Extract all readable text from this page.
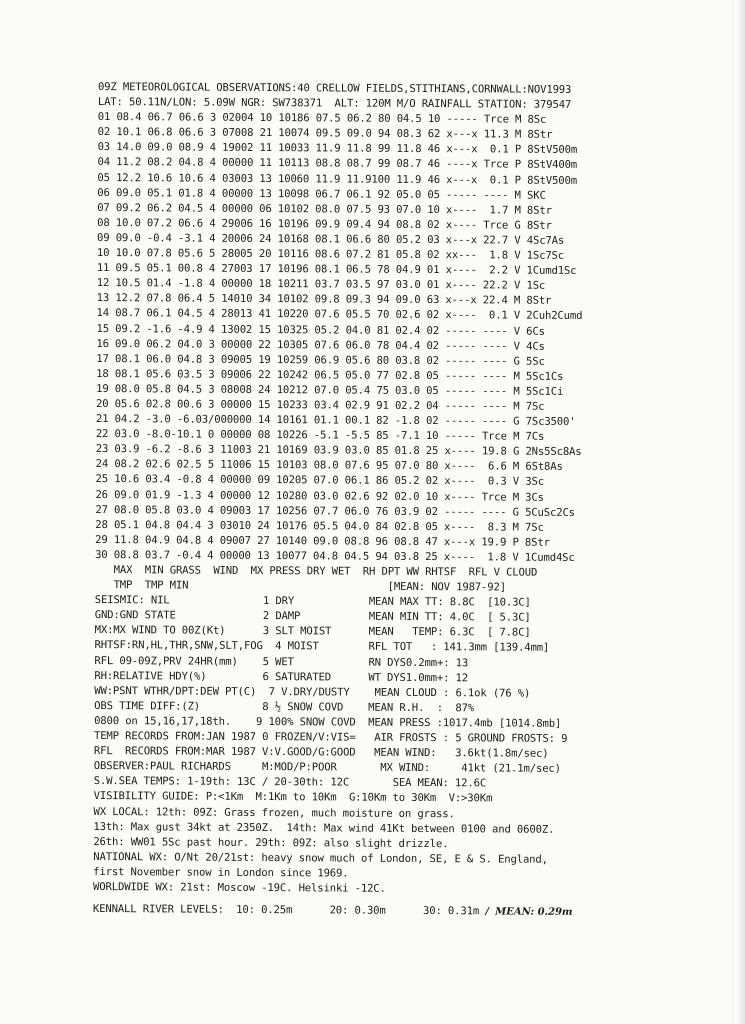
09Z METEOROLOGICAL OBSERVATIONS:40 CRELLOW FIELDS,STITHIANS,CORNWALL:NOV1993
LAT: 50.11N/LON: 5.09W NGR: SW738371  ALT: 120M M/O RAINFALL STATION: 379547
01 08.4 06.7 06.6 3 02004 10 10186 07.5 06.2 80 04.5 10 ----- Trce M 8Sc
02 10.1 06.8 06.6 3 07008 21 10074 09.5 09.0 94 08.3 62 x---x 11.3 M 8Str
03 14.0 09.0 08.9 4 19002 11 10033 11.9 11.8 99 11.8 46 x---x  0.1 P 8StV500m
04 11.2 08.2 04.8 4 00000 11 10113 08.8 08.7 99 08.7 46 ----x Trce P 8StV400m
05 12.2 10.6 10.6 4 03003 13 10060 11.9 11.9100 11.9 46 x---x  0.1 P 8StV500m
06 09.0 05.1 01.8 4 00000 13 10098 06.7 06.1 92 05.0 05 ----- ---- M SKC
07 09.2 06.2 04.5 4 00000 06 10102 08.0 07.5 93 07.0 10 x----  1.7 M 8Str
08 10.0 07.2 06.6 4 29006 16 10196 09.9 09.4 94 08.8 02 x---- Trce G 8Str
09 09.0 -0.4 -3.1 4 20006 24 10168 08.1 06.6 80 05.2 03 x---x 22.7 V 4Sc7As
10 10.0 07.8 05.6 5 28005 20 10116 08.6 07.2 81 05.8 02 xx---  1.8 V 1Sc7Sc
11 09.5 05.1 00.8 4 27003 17 10196 08.1 06.5 78 04.9 01 x----  2.2 V 1Cumd1Sc
12 10.5 01.4 -1.8 4 00000 18 10211 03.7 03.5 97 03.0 01 x---- 22.2 V 1Sc
13 12.2 07.8 06.4 5 14010 34 10102 09.8 09.3 94 09.0 63 x---x 22.4 M 8Str
14 08.7 06.1 04.5 4 28013 41 10220 07.6 05.5 70 02.6 02 x----  0.1 V 2Cuh2Cumd
15 09.2 -1.6 -4.9 4 13002 15 10325 05.2 04.0 81 02.4 02 ----- ---- V 6Cs
16 09.0 06.2 04.0 3 00000 22 10305 07.6 06.0 78 04.4 02 ----- ---- V 4Cs
17 08.1 06.0 04.8 3 09005 19 10259 06.9 05.6 80 03.8 02 ----- ---- G 5Sc
18 08.1 05.6 03.5 3 09006 22 10242 06.5 05.0 77 02.8 05 ----- ---- M 5Sc1Cs
19 08.0 05.8 04.5 3 08008 24 10212 07.0 05.4 75 03.0 05 ----- ---- M 5Sc1Ci
20 05.6 02.8 00.6 3 00000 15 10233 03.4 02.9 91 02.2 04 ----- ---- M 7Sc
21 04.2 -3.0 -6.03/000000 14 10161 01.1 00.1 82 -1.8 02 ----- ---- G 7Sc3500'
22 03.0 -8.0-10.1 0 00000 08 10226 -5.1 -5.5 85 -7.1 10 ----- Trce M 7Cs
23 03.9 -6.2 -8.6 3 11003 21 10169 03.9 03.0 85 01.8 25 x---- 19.8 G 2Ns5Sc8As
24 08.2 02.6 02.5 5 11006 15 10103 08.0 07.6 95 07.0 80 x----  6.6 M 6St8As
25 10.6 03.4 -0.8 4 00000 09 10205 07.0 06.1 86 05.2 02 x----  0.3 V 3Sc
26 09.0 01.9 -1.3 4 00000 12 10280 03.0 02.6 92 02.0 10 x---- Trce M 3Cs
27 08.0 05.8 03.0 4 09003 17 10256 07.7 06.0 76 03.9 02 ----- ---- G 5CuSc2Cs
28 05.1 04.8 04.4 3 03010 24 10176 05.5 04.0 84 02.8 05 x----  8.3 M 7Sc
29 11.8 04.9 04.8 4 09007 27 10140 09.0 08.8 96 08.8 47 x---x 19.9 P 8Str
30 08.8 03.7 -0.4 4 00000 13 10077 04.8 04.5 94 03.8 25 x----  1.8 V 1Cumd4Sc
MAX  MIN GRASS  WIND  MX PRESS DRY WET  RH DPT WW RHTSF  RFL V CLOUD
TMP  TMP MIN                                [MEAN: NOV 1987-92]
SEISMIC: NIL               1 DRY            MEAN MAX TT: 8.8C  [10.3C]
GND:GND STATE              2 DAMP           MEAN MIN TT: 4.0C  [ 5.3C]
MX:MX WIND TO 00Z(Kt)      3 SLT MOIST      MEAN   TEMP: 6.3C  [ 7.8C]
RHTSF:RN,HL,THR,SNW,SLT,FOG  4 MOIST        RFL TOT   : 141.3mm [139.4mm]
RFL 09-09Z,PRV 24HR(mm)    5 WET            RN DYS0.2mm+: 13
RH:RELATIVE HDY(%)         6 SATURATED      WT DYS1.0mm+: 12
WW:PSNT WTHR/DPT:DEW PT(C)  7 V.DRY/DUSTY    MEAN CLOUD : 6.1ok (76 %)
OBS TIME DIFF:(Z)          8 ½ SNOW COVD    MEAN R.H.  :  87%
0800 on 15,16,17,18th.    9 100% SNOW COVD  MEAN PRESS :1017.4mb [1014.8mb]
TEMP RECORDS FROM:JAN 1987 0 FROZEN/V:VIS=   AIR FROSTS : 5 GROUND FROSTS: 9
RFL  RECORDS FROM:MAR 1987 V:V.GOOD/G:GOOD   MEAN WIND:   3.6kt(1.8m/sec)
OBSERVER:PAUL RICHARDS     M:MOD/P:POOR       MX WIND:     41kt (21.1m/sec)
S.W.SEA TEMPS: 1-19th: 13C / 20-30th: 12C       SEA MEAN: 12.6C
VISIBILITY GUIDE: P:<1Km  M:1Km to 10Km  G:10Km to 30Km  V:>30Km
WX LOCAL: 12th: 09Z: Grass frozen, much moisture on grass.
13th: Max gust 34kt at 2350Z.  14th: Max wind 41Kt between 0100 and 0600Z.
26th: WW01 5Sc past hour. 29th: 09Z: also slight drizzle.
NATIONAL WX: O/Nt 20/21st: heavy snow much of London, SE, E & S. England,
first November snow in London since 1969.
WORLDWIDE WX: 21st: Moscow -19C. Helsinki -12C.
KENNALL RIVER LEVELS:  10: 0.25m      20: 0.30m      30: 0.31m / MEAN: 0.29m
